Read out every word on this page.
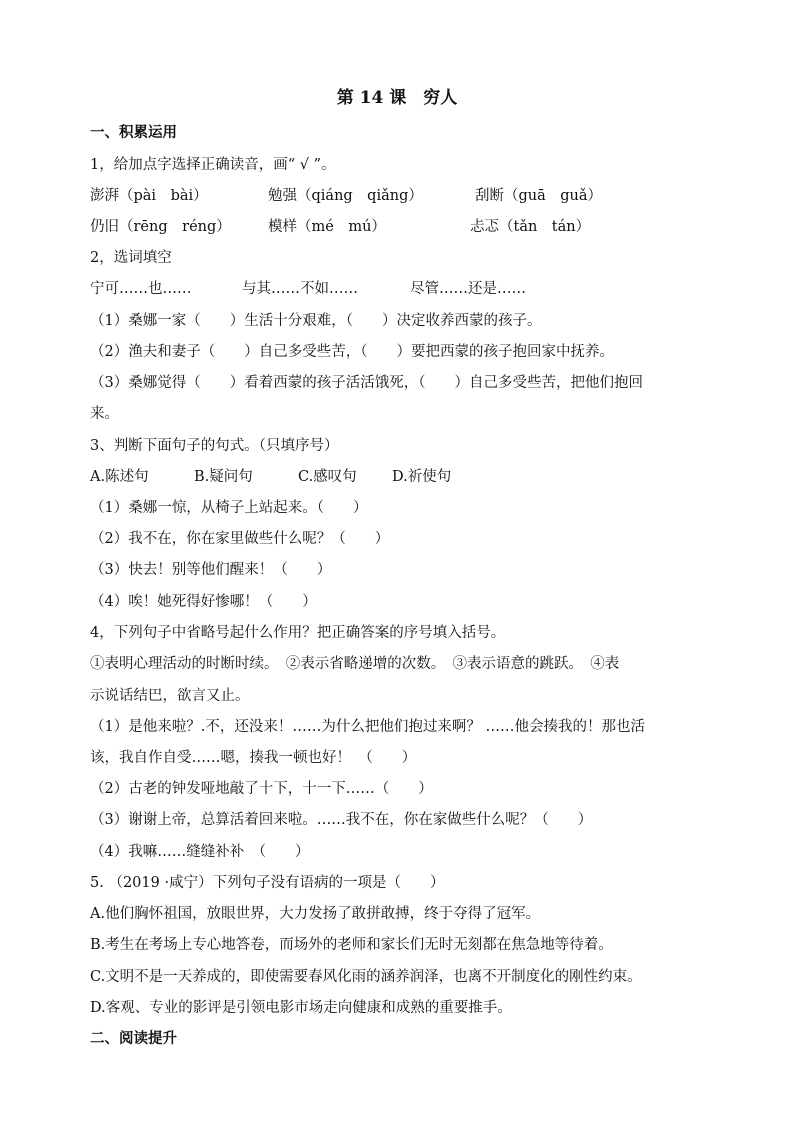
第 14 课　穷人
一、积累运用
1，给加点字选择正确读音，画“ √ ”。
澎湃（pài　bài）	勉强（qiáng　qiǎng）	刮断（guā　guǎ）
仍旧（rēng　réng）	模样（mé　mú）	忐忑（tǎn　tán）
2，选词填空
宁可……也……	与其……不如……	尽管……还是……
（1）桑娜一家（　　）生活十分艰难，（　　）决定收养西蒙的孩子。
（2）渔夫和妻子（　　）自己多受些苦，（　　）要把西蒙的孩子抱回家中抚养。
（3）桑娜觉得（　　）看着西蒙的孩子活活饿死，（　　）自己多受些苦，把他们抱回
来。
3、判断下面句子的句式。（只填序号）
A.陈述句	B.疑问句	C.感叹句 D.祈使句
（1）桑娜一惊，从椅子上站起来。（　　）
（2）我不在，你在家里做些什么呢？（　　）
（3）快去！别等他们醒来！（　　）
（4）唉！她死得好惨哪！（　　）
4，下列句子中省略号起什么作用？把正确答案的序号填入括号。
①表明心理活动的时断时续。　②表示省略递增的次数。　③表示语意的跳跃。　④表
示说话结巴，欲言又止。
（1）是他来啦？.不，还没来！……为什么把他们抱过来啊？ ……他会揍我的！那也活
该，我自作自受……嗯，揍我一顿也好！　（　　）
（2）古老的钟发哑地敲了十下，十一下……（　　）
（3）谢谢上帝，总算活着回来啦。……我不在，你在家做些什么呢？（　　）
（4）我嘛……缝缝补补　（　　）
5. （2019 ·咸宁）下列句子没有语病的一项是（　　）
A.他们胸怀祖国，放眼世界，大力发扬了敢拼敢搏，终于夺得了冠军。
B.考生在考场上专心地答卷，而场外的老师和家长们无时无刻都在焦急地等待着。
C.文明不是一天养成的，即使需要春风化雨的涵养润泽，也离不开制度化的刚性约束。
D.客观、专业的影评是引领电影市场走向健康和成熟的重要推手。
二、阅读提升
